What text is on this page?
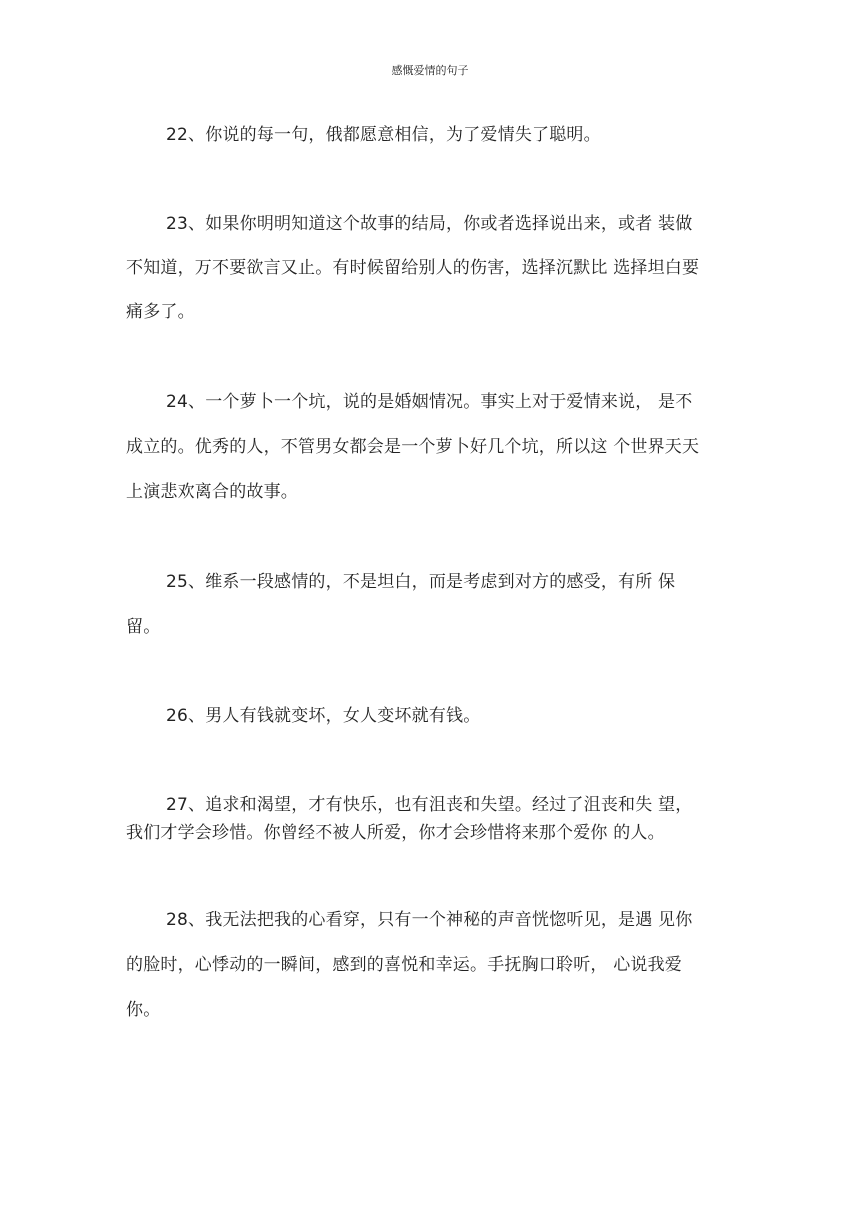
感慨爱情的句子
22、你说的每一句，俄都愿意相信，为了爱情失了聪明。
23、如果你明明知道这个故事的结局，你或者选择说出来，或者 装做
不知道，万不要欲言又止。有时候留给别人的伤害，选择沉默比 选择坦白要
痛多了。
24、一个萝卜一个坑，说的是婚姻情况。事实上对于爱情来说， 是不
成立的。优秀的人，不管男女都会是一个萝卜好几个坑，所以这 个世界天天
上演悲欢离合的故事。
25、维系一段感情的，不是坦白，而是考虑到对方的感受，有所 保
留。
26、男人有钱就变坏，女人变坏就有钱。
27、追求和渴望，才有快乐，也有沮丧和失望。经过了沮丧和失 望，
我们才学会珍惜。你曾经不被人所爱，你才会珍惜将来那个爱你 的人。
28、我无法把我的心看穿，只有一个神秘的声音恍惚听见，是遇 见你
的脸时，心悸动的一瞬间，感到的喜悦和幸运。手抚胸口聆听， 心说我爱
你。
